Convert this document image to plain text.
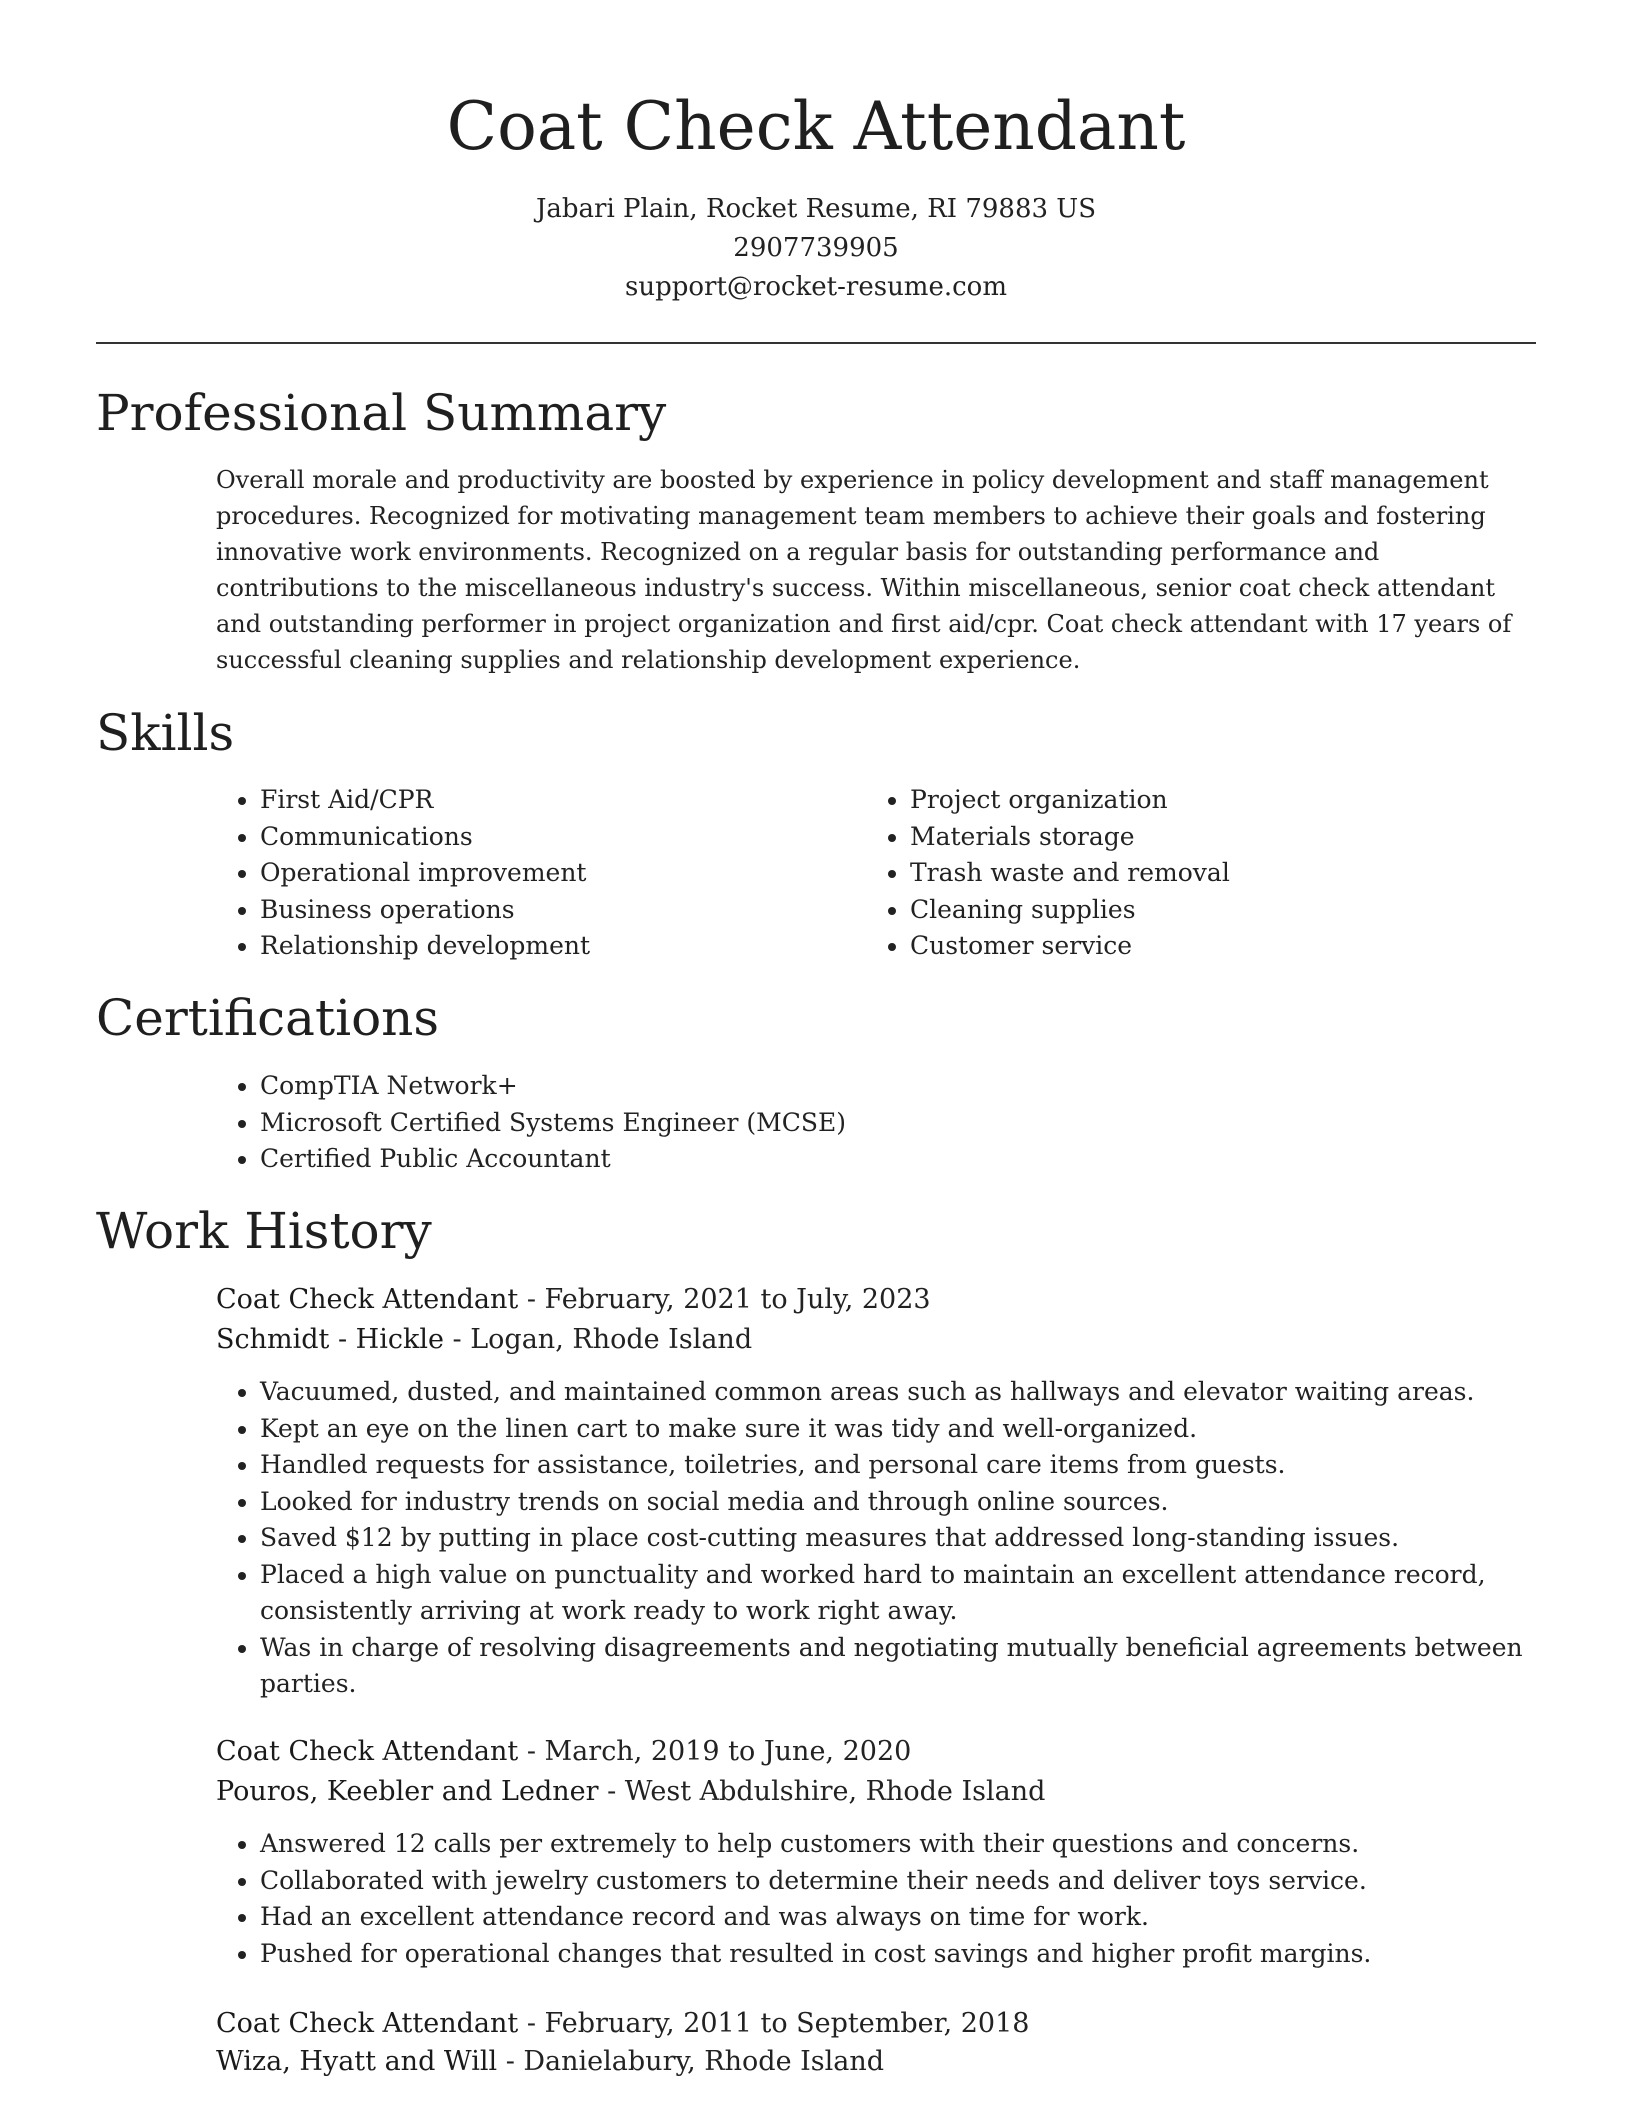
Coat Check Attendant
Jabari Plain, Rocket Resume, RI 79883 US
2907739905
support@rocket-resume.com
Professional Summary

Overall morale and productivity are boosted by experience in policy development and staff management procedures. Recognized for motivating management team members to achieve their goals and fostering innovative work environments. Recognized on a regular basis for outstanding performance and contributions to the miscellaneous industry's success. Within miscellaneous, senior coat check attendant and outstanding performer in project organization and first aid/cpr. Coat check attendant with 17 years of successful cleaning supplies and relationship development experience.

Skills
• First Aid/CPR
• Communications
• Operational improvement
• Business operations
• Relationship development
• Project organization
• Materials storage
• Trash waste and removal
• Cleaning supplies
• Customer service
Certifications
• CompTIA Network+
• Microsoft Certified Systems Engineer (MCSE)
• Certified Public Accountant
Work History
Coat Check Attendant - February, 2021 to July, 2023
Schmidt - Hickle - Logan, Rhode Island
• Vacuumed, dusted, and maintained common areas such as hallways and elevator waiting areas.
• Kept an eye on the linen cart to make sure it was tidy and well-organized.
• Handled requests for assistance, toiletries, and personal care items from guests.
• Looked for industry trends on social media and through online sources.
• Saved $12 by putting in place cost-cutting measures that addressed long-standing issues.
• Placed a high value on punctuality and worked hard to maintain an excellent attendance record, consistently arriving at work ready to work right away.
• Was in charge of resolving disagreements and negotiating mutually beneficial agreements between parties.
Coat Check Attendant - March, 2019 to June, 2020
Pouros, Keebler and Ledner - West Abdulshire, Rhode Island
• Answered 12 calls per extremely to help customers with their questions and concerns.
• Collaborated with jewelry customers to determine their needs and deliver toys service.
• Had an excellent attendance record and was always on time for work.
• Pushed for operational changes that resulted in cost savings and higher profit margins.
Coat Check Attendant - February, 2011 to September, 2018
Wiza, Hyatt and Will - Danielabury, Rhode Island
